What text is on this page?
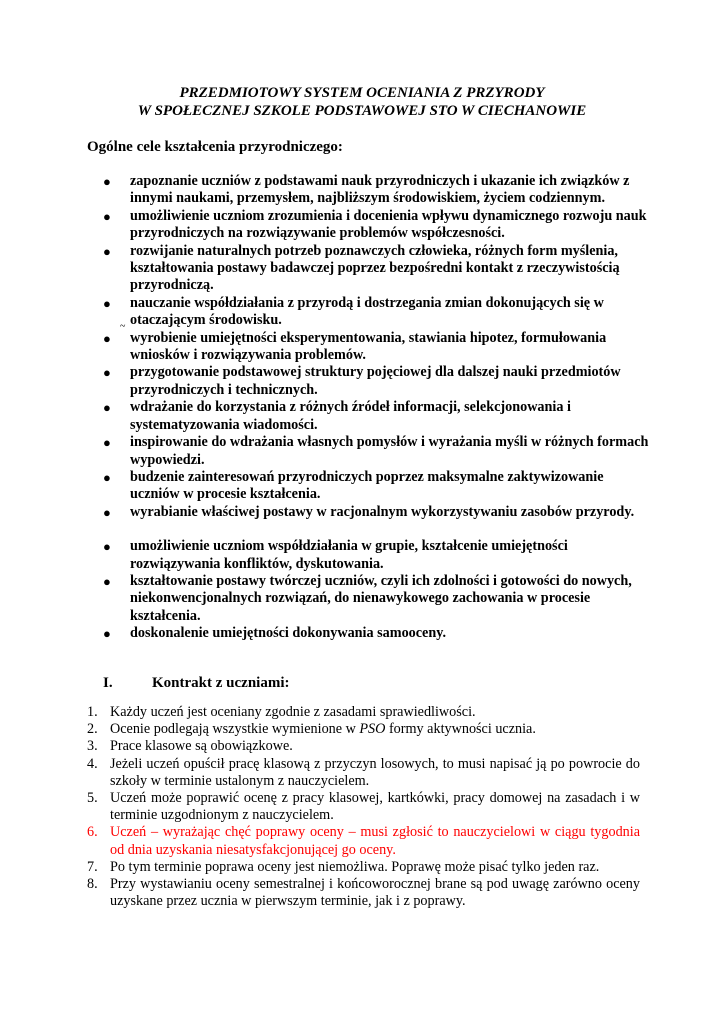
PRZEDMIOTOWY SYSTEM OCENIANIA Z PRZYRODY
W SPOŁECZNEJ SZKOLE PODSTAWOWEJ STO W CIECHANOWIE
Ogólne cele kształcenia przyrodniczego:
● zapoznanie uczniów z podstawami nauk przyrodniczych i ukazanie ich związków z innymi naukami, przemysłem, najbliższym środowiskiem, życiem codziennym.
● umożliwienie uczniom zrozumienia i docenienia wpływu dynamicznego rozwoju nauk przyrodniczych na rozwiązywanie problemów współczesności.
● rozwijanie naturalnych potrzeb poznawczych człowieka, różnych form myślenia, kształtowania postawy badawczej poprzez bezpośredni kontakt z rzeczywistością przyrodniczą.
● nauczanie współdziałania z przyrodą i dostrzegania zmian dokonujących się w otaczającym środowisku.
● wyrobienie umiejętności eksperymentowania, stawiania hipotez, formułowania wniosków i rozwiązywania problemów.
● przygotowanie podstawowej struktury pojęciowej dla dalszej nauki przedmiotów przyrodniczych i technicznych.
● wdrażanie do korzystania z różnych źródeł informacji, selekcjonowania i systematyzowania wiadomości.
● inspirowanie do wdrażania własnych pomysłów i wyrażania myśli w różnych formach wypowiedzi.
● budzenie zainteresowań przyrodniczych poprzez maksymalne zaktywizowanie uczniów w procesie kształcenia.
● wyrabianie właściwej postawy w racjonalnym wykorzystywaniu zasobów przyrody.
● umożliwienie uczniom współdziałania w grupie, kształcenie umiejętności rozwiązywania konfliktów, dyskutowania.
● kształtowanie postawy twórczej uczniów, czyli ich zdolności i gotowości do nowych, niekonwencjonalnych rozwiązań, do nienawykowego zachowania w procesie kształcenia.
● doskonalenie umiejętności dokonywania samooceny.
~
I.	Kontrakt z uczniami:
1. Każdy uczeń jest oceniany zgodnie z zasadami sprawiedliwości.
2. Ocenie podlegają wszystkie wymienione w PSO formy aktywności ucznia.
3. Prace klasowe są obowiązkowe.
4. Jeżeli uczeń opuścił pracę klasową z przyczyn losowych, to musi napisać ją po powrocie do szkoły w terminie ustalonym z nauczycielem.
5. Uczeń może poprawić ocenę z pracy klasowej, kartkówki, pracy domowej na zasadach i w terminie uzgodnionym z nauczycielem.
6. Uczeń – wyrażając chęć poprawy oceny – musi zgłosić to nauczycielowi w ciągu tygodnia od dnia uzyskania niesatysfakcjonującej go oceny.
7. Po tym terminie poprawa oceny jest niemożliwa. Poprawę może pisać tylko jeden raz.
8. Przy wystawianiu oceny semestralnej i końcoworocznej brane są pod uwagę zarówno oceny uzyskane przez ucznia w pierwszym terminie, jak i z poprawy.
